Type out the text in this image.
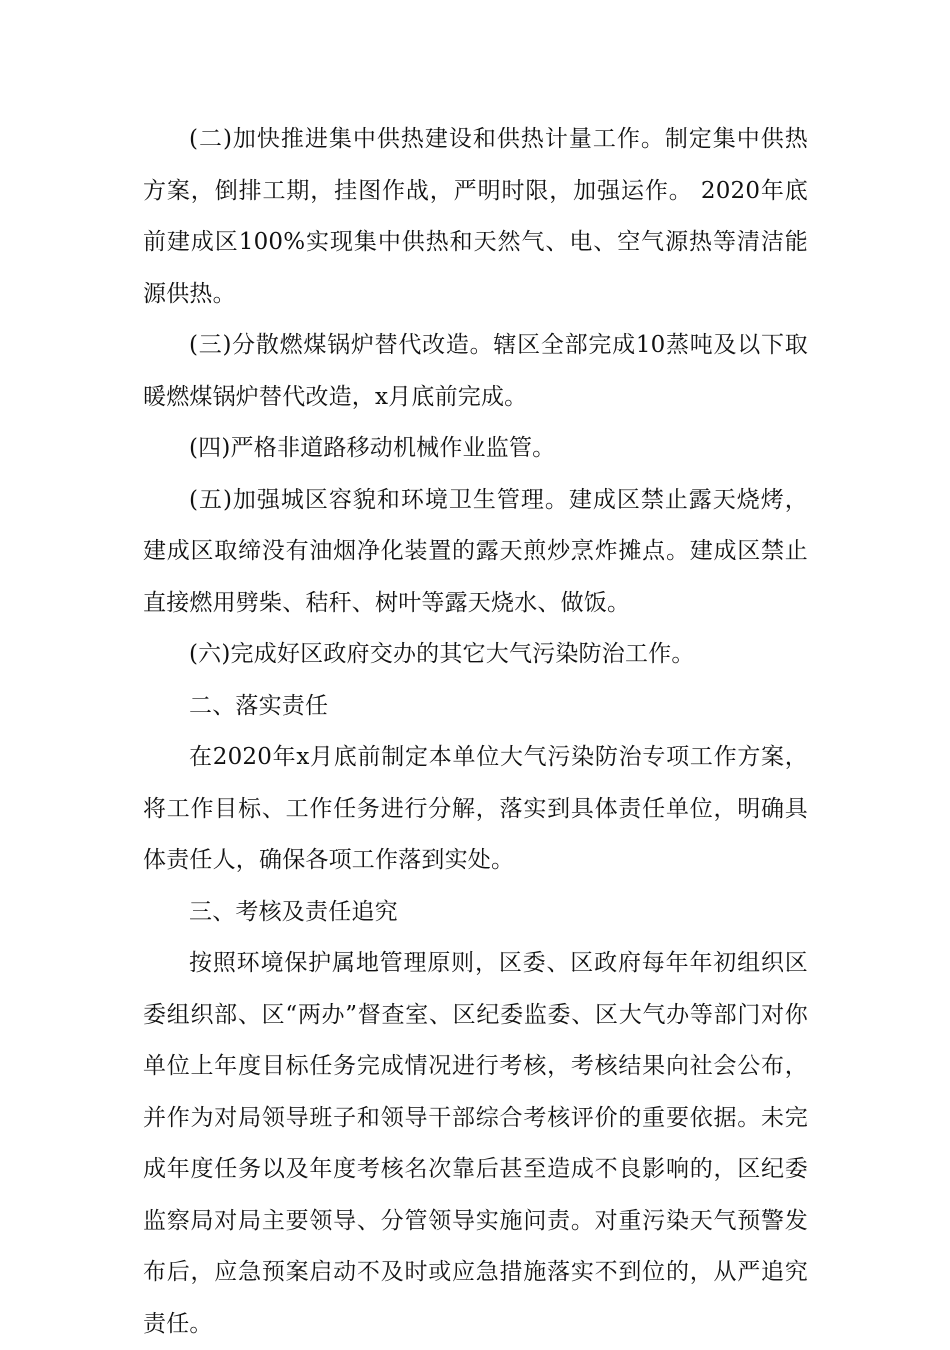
(二)加快推进集中供热建设和供热计量工作。制定集中供热方案，倒排工期，挂图作战，严明时限，加强运作。 2020年底前建成区100%实现集中供热和天然气、电、空气源热等清洁能源供热。

(三)分散燃煤锅炉替代改造。辖区全部完成10蒸吨及以下取暖燃煤锅炉替代改造，x月底前完成。

(四)严格非道路移动机械作业监管。

(五)加强城区容貌和环境卫生管理。建成区禁止露天烧烤，建成区取缔没有油烟净化装置的露天煎炒烹炸摊点。建成区禁止直接燃用劈柴、秸秆、树叶等露天烧水、做饭。

(六)完成好区政府交办的其它大气污染防治工作。

二、落实责任

在2020年x月底前制定本单位大气污染防治专项工作方案，将工作目标、工作任务进行分解，落实到具体责任单位，明确具体责任人，确保各项工作落到实处。

三、考核及责任追究

按照环境保护属地管理原则，区委、区政府每年年初组织区委组织部、区“两办”督查室、区纪委监委、区大气办等部门对你单位上年度目标任务完成情况进行考核，考核结果向社会公布，并作为对局领导班子和领导干部综合考核评价的重要依据。未完成年度任务以及年度考核名次靠后甚至造成不良影响的，区纪委监察局对局主要领导、分管领导实施问责。对重污染天气预警发布后，应急预案启动不及时或应急措施落实不到位的，从严追究责任。
